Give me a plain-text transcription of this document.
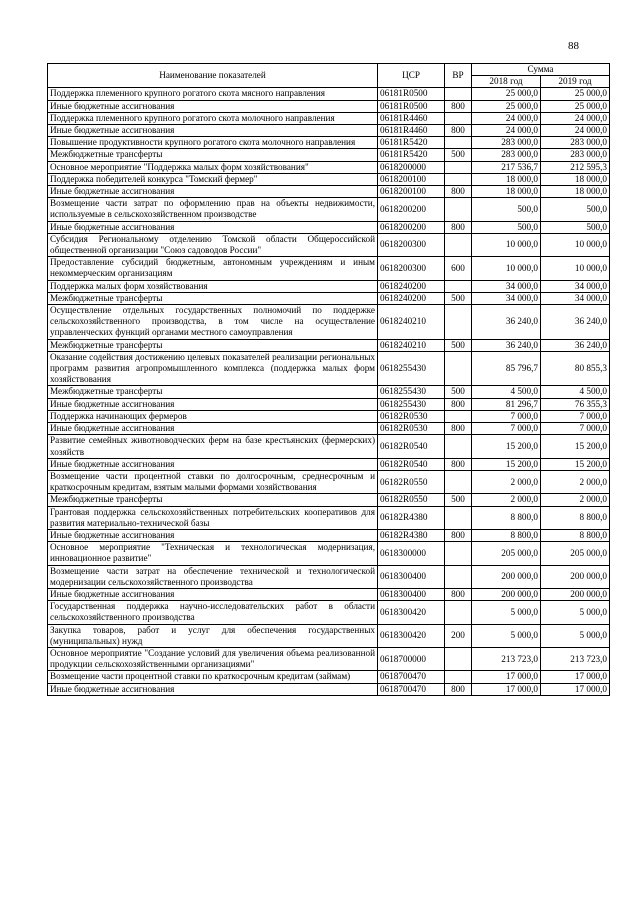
88
Наименование показателей	ЦСР	ВР	Сумма	
			2018 год	2019 год
Поддержка племенного крупного рогатого скота мясного направления	06181R0500		25 000,0	25 000,0
Иные бюджетные ассигнования	06181R0500	800	25 000,0	25 000,0
Поддержка племенного крупного рогатого скота молочного направления	06181R4460		24 000,0	24 000,0
Иные бюджетные ассигнования	06181R4460	800	24 000,0	24 000,0
Повышение продуктивности крупного рогатого скота молочного направления	06181R5420		283 000,0	283 000,0
Межбюджетные трансферты	06181R5420	500	283 000,0	283 000,0
Основное мероприятие "Поддержка малых форм хозяйствования"	0618200000		217 536,7	212 595,3
Поддержка победителей конкурса "Томский фермер"	0618200100		18 000,0	18 000,0
Иные бюджетные ассигнования	0618200100	800	18 000,0	18 000,0
Возмещение части затрат по оформлению прав на объекты недвижимости, используемые в сельскохозяйственном производстве	0618200200		500,0	500,0
Иные бюджетные ассигнования	0618200200	800	500,0	500,0
Субсидия Региональному отделению Томской области Общероссийской общественной организации "Союз садоводов России"	0618200300		10 000,0	10 000,0
Предоставление субсидий бюджетным, автономным учреждениям и иным некоммерческим организациям	0618200300	600	10 000,0	10 000,0
Поддержка малых форм хозяйствования	0618240200		34 000,0	34 000,0
Межбюджетные трансферты	0618240200	500	34 000,0	34 000,0
Осуществление отдельных государственных полномочий по поддержке сельскохозяйственного производства, в том числе на осуществление управленческих функций органами местного самоуправления	0618240210		36 240,0	36 240,0
Межбюджетные трансферты	0618240210	500	36 240,0	36 240,0
Оказание содействия достижению целевых показателей реализации региональных программ развития агропромышленного комплекса (поддержка малых форм хозяйствования	0618255430		85 796,7	80 855,3
Межбюджетные трансферты	0618255430	500	4 500,0	4 500,0
Иные бюджетные ассигнования	0618255430	800	81 296,7	76 355,3
Поддержка начинающих фермеров	06182R0530		7 000,0	7 000,0
Иные бюджетные ассигнования	06182R0530	800	7 000,0	7 000,0
Развитие семейных животноводческих ферм на базе крестьянских (фермерских) хозяйств	06182R0540		15 200,0	15 200,0
Иные бюджетные ассигнования	06182R0540	800	15 200,0	15 200,0
Возмещение части процентной ставки по долгосрочным, среднесрочным и краткосрочным кредитам, взятым малыми формами хозяйствования	06182R0550		2 000,0	2 000,0
Межбюджетные трансферты	06182R0550	500	2 000,0	2 000,0
Грантовая поддержка сельскохозяйственных потребительских кооперативов для развития материально-технической базы	06182R4380		8 800,0	8 800,0
Иные бюджетные ассигнования	06182R4380	800	8 800,0	8 800,0
Основное мероприятие "Техническая и технологическая модернизация, инновационное развитие"	0618300000		205 000,0	205 000,0
Возмещение части затрат на обеспечение технической и технологической модернизации сельскохозяйственного производства	0618300400		200 000,0	200 000,0
Иные бюджетные ассигнования	0618300400	800	200 000,0	200 000,0
Государственная поддержка научно-исследовательских работ в области сельскохозяйственного производства	0618300420		5 000,0	5 000,0
Закупка товаров, работ и услуг для обеспечения государственных (муниципальных) нужд	0618300420	200	5 000,0	5 000,0
Основное мероприятие "Создание условий для увеличения объема реализованной продукции сельскохозяйственными организациями"	0618700000		213 723,0	213 723,0
Возмещение части процентной ставки по краткосрочным кредитам (займам)	0618700470		17 000,0	17 000,0
Иные бюджетные ассигнования	0618700470	800	17 000,0	17 000,0
